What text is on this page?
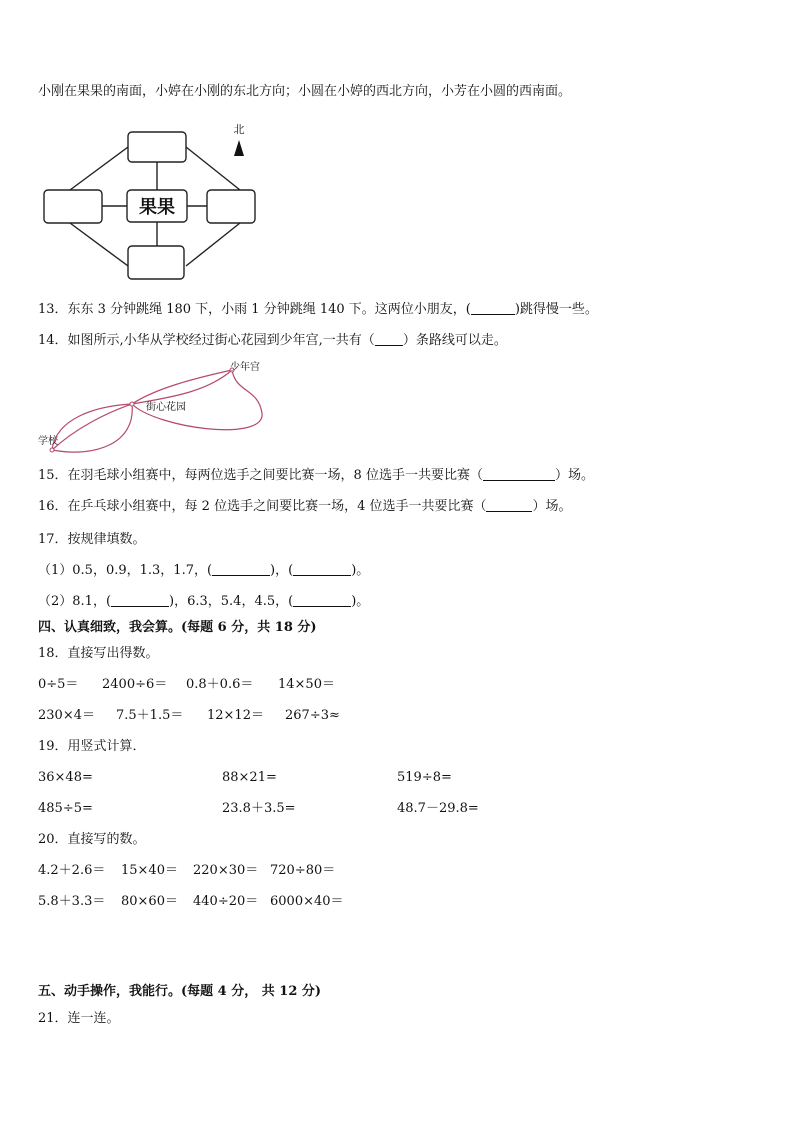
小刚在果果的南面，小婷在小刚的东北方向；小圆在小婷的西北方向，小芳在小圆的西南面。
果果
北
13．东东 3 分钟跳绳 180 下，小雨 1 分钟跳绳 140 下。这两位小朋友，(	)跳得慢一些。
14．如图所示,小华从学校经过街心花园到少年宫,一共有（ ）条路线可以走。
学校
街心花园
少年宫
15．在羽毛球小组赛中，每两位选手之间要比赛一场，8 位选手一共要比赛（	）场。
16．在乒乓球小组赛中，每 2 位选手之间要比赛一场，4 位选手一共要比赛（	）场。
17．按规律填数。
（1）0.5，0.9，1.3，1.7，(	)，(	)。
（2）8.1，(	)，6.3，5.4，4.5，(	)。
四、认真细致，我会算。(每题 6 分，共 18 分)
18．直接写出得数。
0÷5＝ 2400÷6＝ 0.8＋0.6＝ 14×50＝
230×4＝ 7.5＋1.5＝ 12×12＝ 267÷3≈
19．用竖式计算．
36×48=	88×21=	519÷8=
485÷5=	23.8＋3.5=	48.7－29.8=
20．直接写的数。
4.2＋2.6＝ 15×40＝ 220×30＝ 720÷80＝
5.8＋3.3＝ 80×60＝ 440÷20＝ 6000×40＝
五、动手操作，我能行。(每题 4 分， 共 12 分)
21．连一连。
